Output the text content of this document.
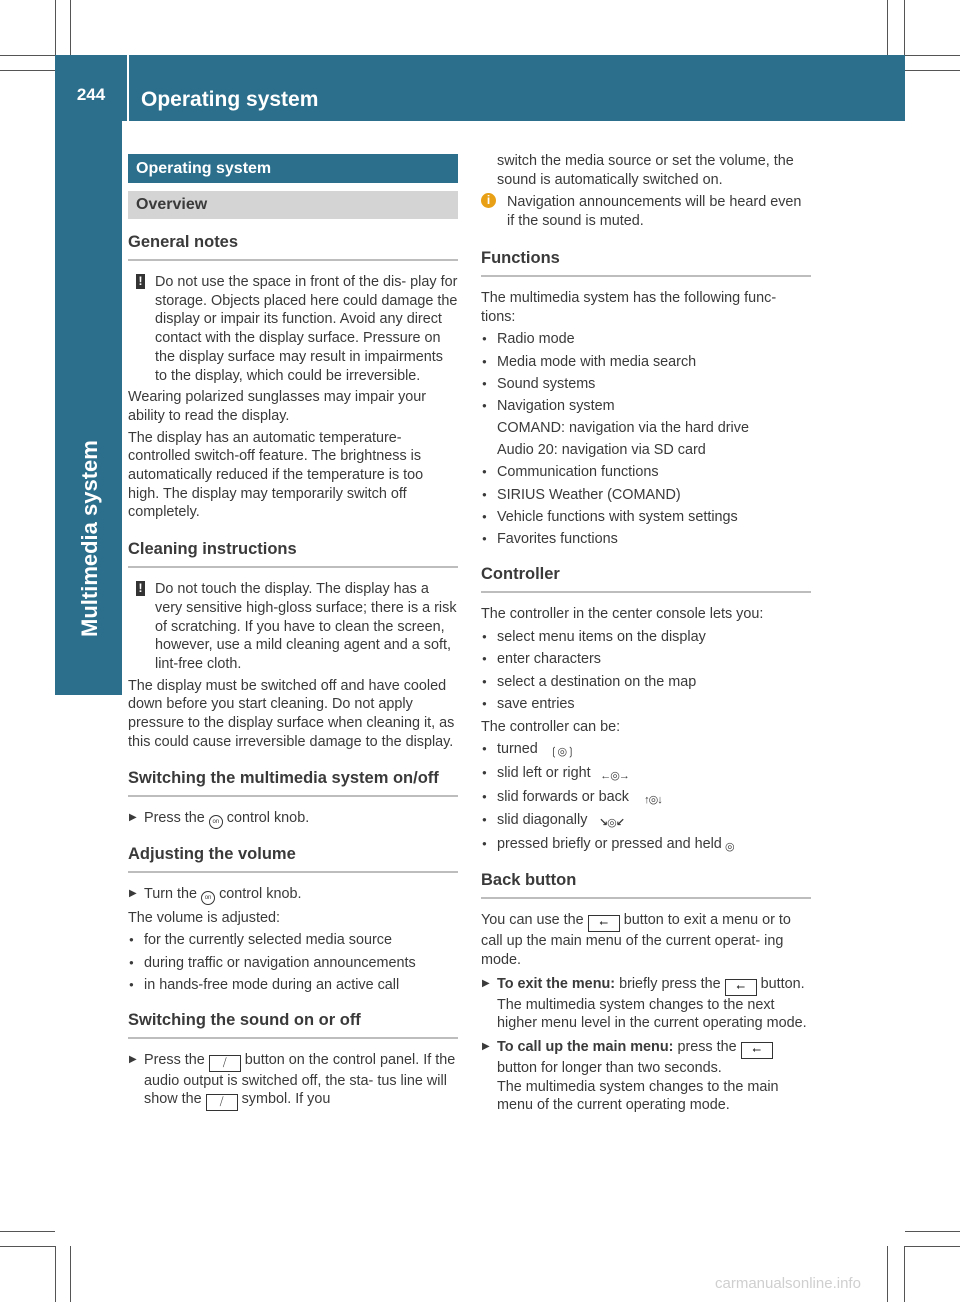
244	Operating system
Multimedia system
Operating system
Overview
General notes
! Do not use the space in front of the dis- play for storage. Objects placed here could damage the display or impair its function. Avoid any direct contact with the display surface. Pressure on the display surface may result in impairments to the display, which could be irreversible.
Wearing polarized sunglasses may impair your ability to read the display.
The display has an automatic temperature- controlled switch-off feature. The brightness is automatically reduced if the temperature is too high. The display may temporarily switch off completely.
Cleaning instructions
! Do not touch the display. The display has a very sensitive high-gloss surface; there is a risk of scratching. If you have to clean the screen, however, use a mild cleaning agent and a soft, lint-free cloth.
The display must be switched off and have cooled down before you start cleaning. Do not apply pressure to the display surface when cleaning it, as this could cause irreversible damage to the display.
Switching the multimedia system on/off
▶ Press the on control knob.
Adjusting the volume
▶ Turn the on control knob.
The volume is adjusted:
● for the currently selected media source
● during traffic or navigation announcements
● in hands-free mode during an active call
Switching the sound on or off
▶ Press the ⧸ button on the control panel. If the audio output is switched off, the sta- tus line will show the ⧸ symbol. If you
switch the media source or set the volume, the sound is automatically switched on.
i	Navigation announcements will be heard even if the sound is muted.
Functions
The multimedia system has the following func- tions:
● Radio mode
● Media mode with media search
● Sound systems
● Navigation system
COMAND: navigation via the hard drive
Audio 20: navigation via SD card
● Communication functions
● SIRIUS Weather (COMAND)
● Vehicle functions with system settings
● Favorites functions
Controller
The controller in the center console lets you:
● select menu items on the display
● enter characters
● select a destination on the map
● save entries
The controller can be:
● turned ❲◎❳
● slid left or right ←◎→
● slid forwards or back ↑◎↓
● slid diagonally ↘◎↙
● pressed briefly or pressed and held ◎
Back button
You can use the ⭠ button to exit a menu or to call up the main menu of the current operat- ing mode.
▶ To exit the menu: briefly press the ⭠ button.
The multimedia system changes to the next higher menu level in the current operating mode.
▶ To call up the main menu: press the ⭠ button for longer than two seconds.
The multimedia system changes to the main menu of the current operating mode.
carmanualsonline.info
